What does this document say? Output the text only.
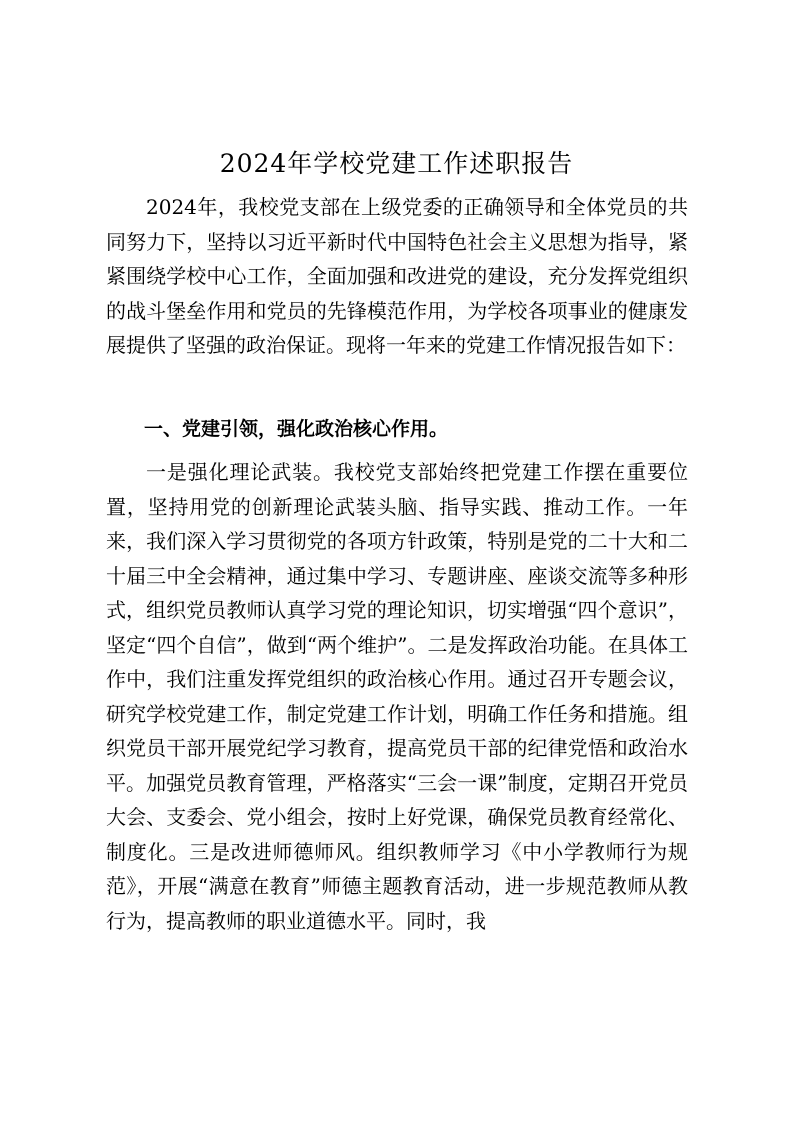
2024年学校党建工作述职报告

2024年，我校党支部在上级党委的正确领导和全体党员的共同努力下，坚持以习近平新时代中国特色社会主义思想为指导，紧紧围绕学校中心工作，全面加强和改进党的建设，充分发挥党组织的战斗堡垒作用和党员的先锋模范作用，为学校各项事业的健康发展提供了坚强的政治保证。现将一年来的党建工作情况报告如下：

一、党建引领，强化政治核心作用。

一是强化理论武装。我校党支部始终把党建工作摆在重要位置，坚持用党的创新理论武装头脑、指导实践、推动工作。一年来，我们深入学习贯彻党的各项方针政策，特别是党的二十大和二十届三中全会精神，通过集中学习、专题讲座、座谈交流等多种形式，组织党员教师认真学习党的理论知识，切实增强“四个意识”，坚定“四个自信”，做到“两个维护”。二是发挥政治功能。在具体工作中，我们注重发挥党组织的政治核心作用。通过召开专题会议，研究学校党建工作，制定党建工作计划，明确工作任务和措施。组织党员干部开展党纪学习教育，提高党员干部的纪律党悟和政治水平。加强党员教育管理，严格落实“三会一课”制度，定期召开党员大会、支委会、党小组会，按时上好党课，确保党员教育经常化、制度化。三是改进师德师风。组织教师学习《中小学教师行为规范》，开展“满意在教育”师德主题教育活动，进一步规范教师从教行为，提高教师的职业道德水平。同时，我
